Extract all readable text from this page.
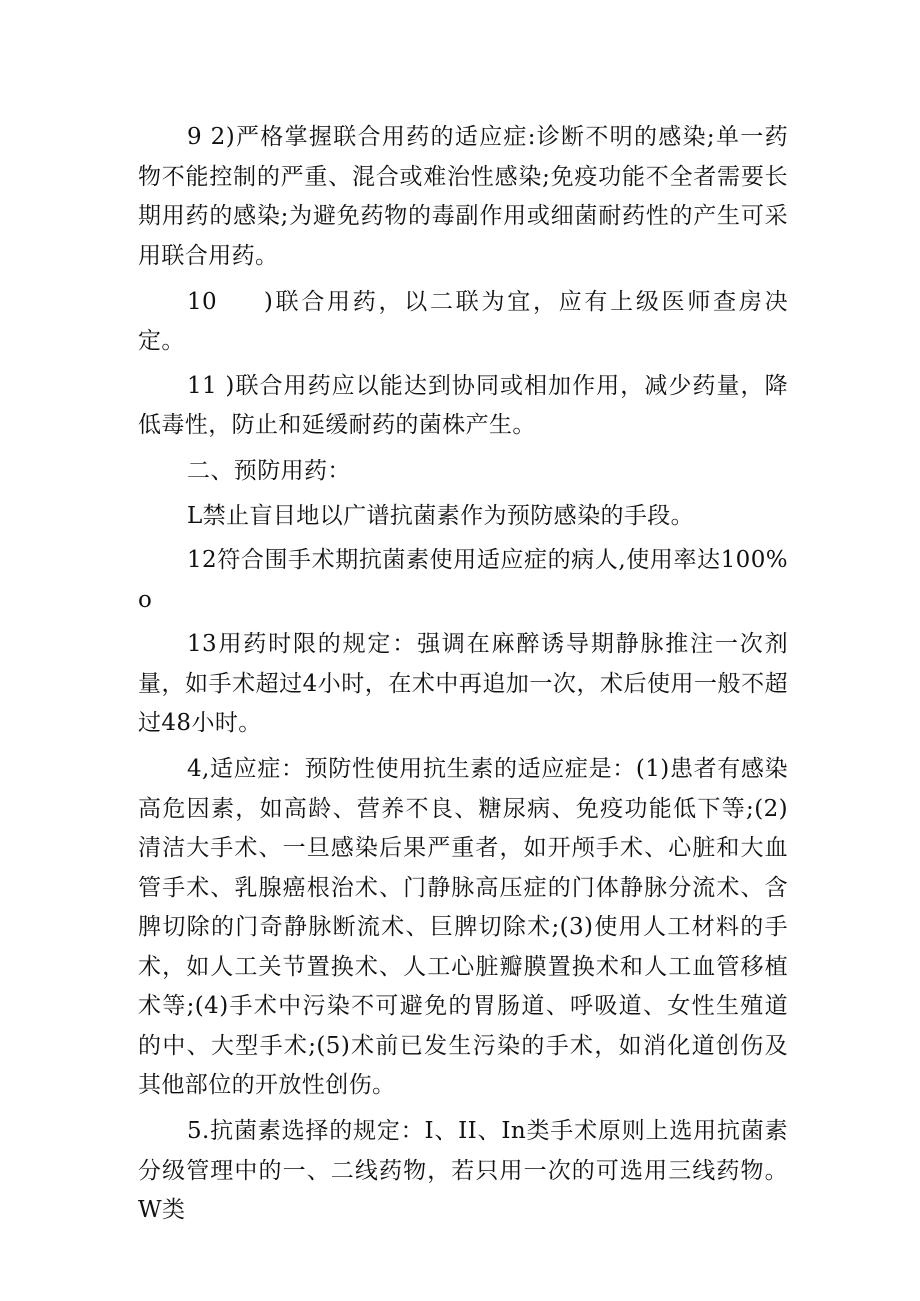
9 2)严格掌握联合用药的适应症:诊断不明的感染;单一药物不能控制的严重、混合或难治性感染;免疫功能不全者需要长期用药的感染;为避免药物的毒副作用或细菌耐药性的产生可采用联合用药。

10  )联合用药，以二联为宜，应有上级医师查房决定。

11 )联合用药应以能达到协同或相加作用，减少药量，降低毒性，防止和延缓耐药的菌株产生。

二、预防用药：

L禁止盲目地以广谱抗菌素作为预防感染的手段。

12符合围手术期抗菌素使用适应症的病人,使用率达100%o

13用药时限的规定：强调在麻醉诱导期静脉推注一次剂量，如手术超过4小时，在术中再追加一次，术后使用一般不超过48小时。

4,适应症：预防性使用抗生素的适应症是：(1)患者有感染高危因素，如高龄、营养不良、糖尿病、免疫功能低下等;(2)清洁大手术、一旦感染后果严重者，如开颅手术、心脏和大血管手术、乳腺癌根治术、门静脉高压症的门体静脉分流术、含脾切除的门奇静脉断流术、巨脾切除术;(3)使用人工材料的手术，如人工关节置换术、人工心脏瓣膜置换术和人工血管移植术等;(4)手术中污染不可避免的胃肠道、呼吸道、女性生殖道的中、大型手术;(5)术前已发生污染的手术，如消化道创伤及其他部位的开放性创伤。

5.抗菌素选择的规定：I、II、In类手术原则上选用抗菌素分级管理中的一、二线药物，若只用一次的可选用三线药物。W类
